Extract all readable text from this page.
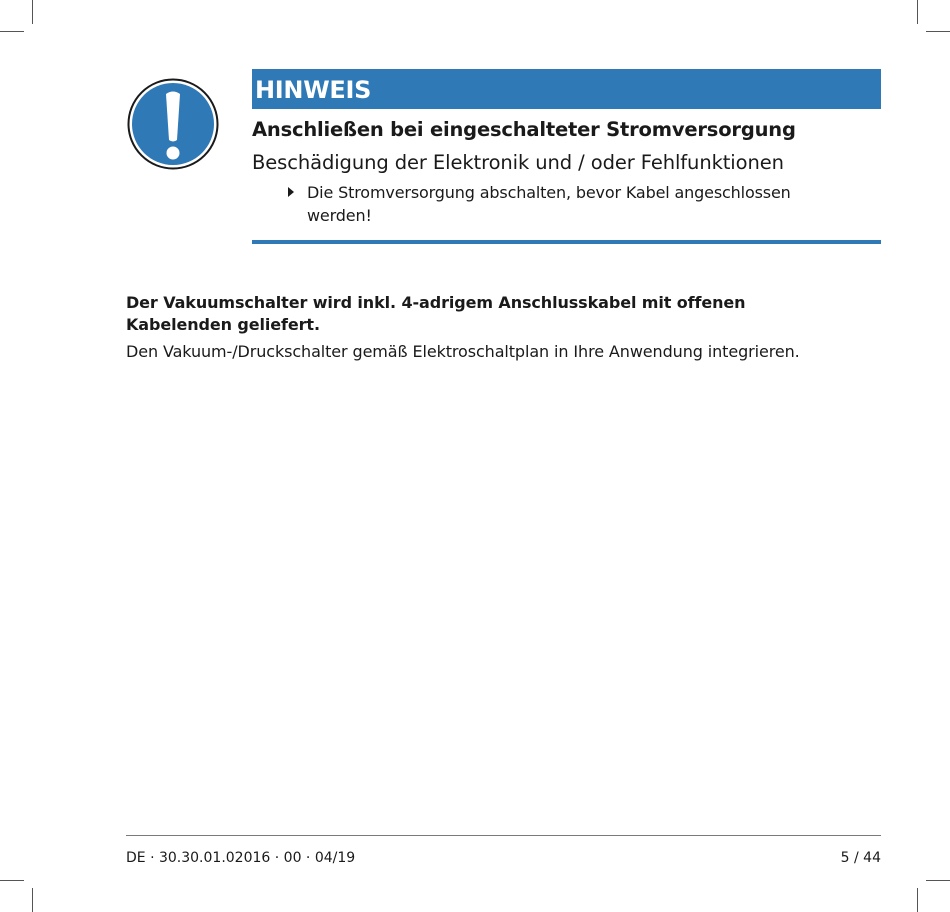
HINWEIS
Anschließen bei eingeschalteter Stromversorgung
Beschädigung der Elektronik und / oder Fehlfunktionen
Die Stromversorgung abschalten, bevor Kabel angeschlossen werden!

Der Vakuumschalter wird inkl. 4-adrigem Anschlusskabel mit offenen Kabelenden geliefert.

Den Vakuum-/Druckschalter gemäß Elektroschaltplan in Ihre Anwendung integrieren.

DE · 30.30.01.02016 · 00 · 04/19	5 / 44
